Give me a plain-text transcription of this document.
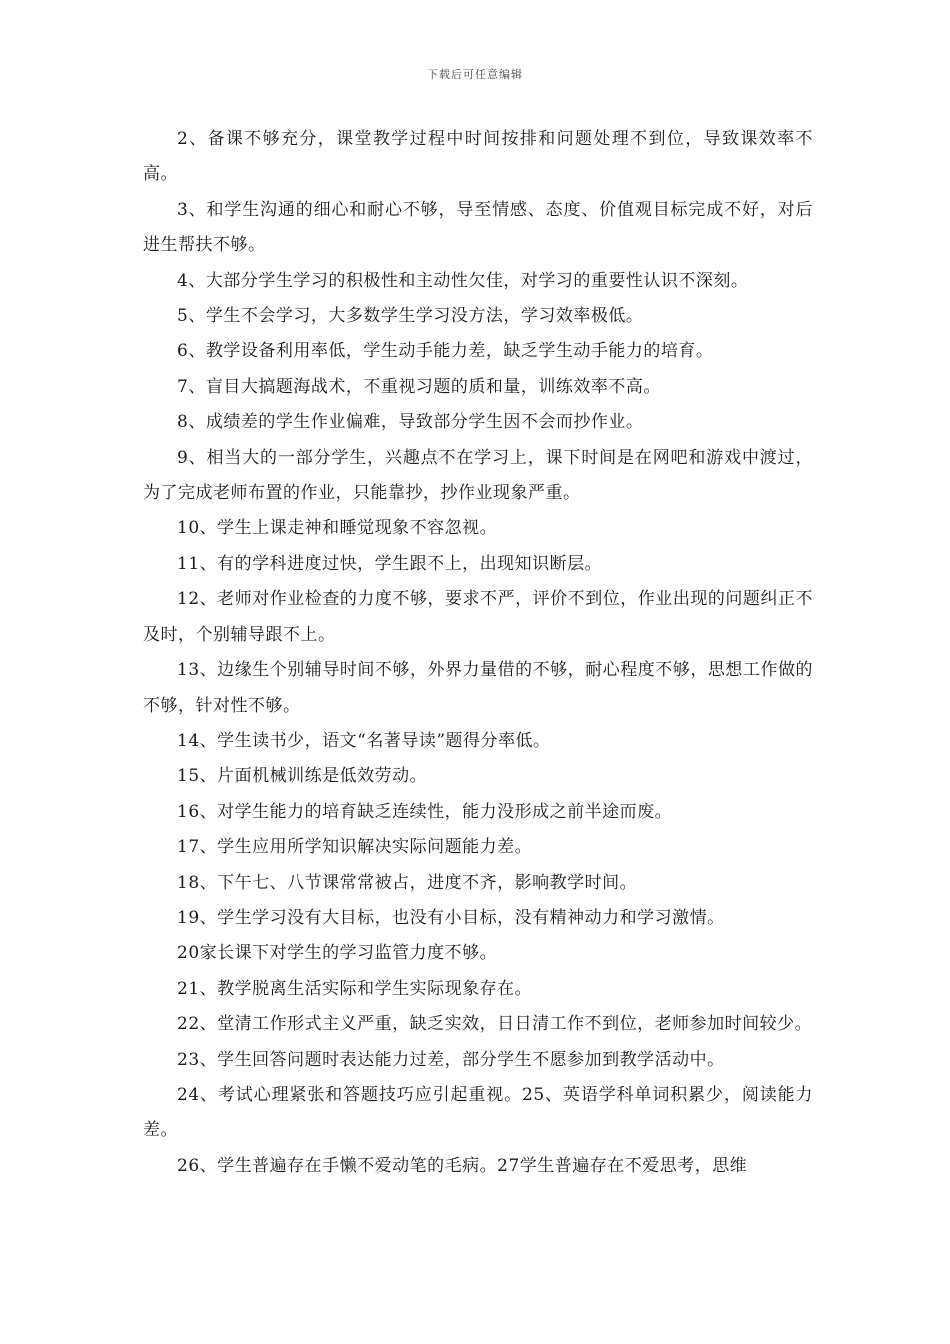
下载后可任意编辑

2、备课不够充分，课堂教学过程中时间按排和问题处理不到位，导致课效率不高。

3、和学生沟通的细心和耐心不够，导至情感、态度、价值观目标完成不好，对后进生帮扶不够。

4、大部分学生学习的积极性和主动性欠佳，对学习的重要性认识不深刻。

5、学生不会学习，大多数学生学习没方法，学习效率极低。

6、教学设备利用率低，学生动手能力差，缺乏学生动手能力的培育。

7、盲目大搞题海战术，不重视习题的质和量，训练效率不高。

8、成绩差的学生作业偏难，导致部分学生因不会而抄作业。

9、相当大的一部分学生，兴趣点不在学习上，课下时间是在网吧和游戏中渡过，为了完成老师布置的作业，只能靠抄，抄作业现象严重。

10、学生上课走神和睡觉现象不容忽视。

11、有的学科进度过快，学生跟不上，出现知识断层。

12、老师对作业检查的力度不够，要求不严，评价不到位，作业出现的问题纠正不及时，个别辅导跟不上。

13、边缘生个别辅导时间不够，外界力量借的不够，耐心程度不够，思想工作做的不够，针对性不够。

14、学生读书少，语文“名著导读”题得分率低。

15、片面机械训练是低效劳动。

16、对学生能力的培育缺乏连续性，能力没形成之前半途而废。

17、学生应用所学知识解决实际问题能力差。

18、下午七、八节课常常被占，进度不齐，影响教学时间。

19、学生学习没有大目标，也没有小目标，没有精神动力和学习激情。

20家长课下对学生的学习监管力度不够。

21、教学脱离生活实际和学生实际现象存在。

22、堂清工作形式主义严重，缺乏实效，日日清工作不到位，老师参加时间较少。

23、学生回答问题时表达能力过差，部分学生不愿参加到教学活动中。

24、考试心理紧张和答题技巧应引起重视。25、英语学科单词积累少，阅读能力差。

26、学生普遍存在手懒不爱动笔的毛病。27学生普遍存在不爱思考，思维
